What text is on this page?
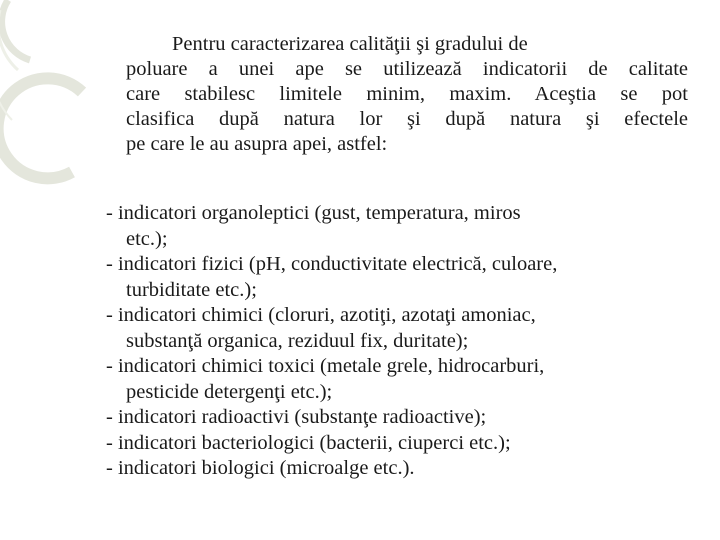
Pentru caracterizarea calităţii şi gradului de
poluare a unei ape se utilizează indicatorii de calitate
care stabilesc limitele minim, maxim. Aceştia se pot
clasifica după natura lor şi după natura şi efectele
pe care le au asupra apei, astfel:
- indicatori organoleptici (gust, temperatura, miros
etc.);
- indicatori fizici (pH, conductivitate electrică, culoare,
turbiditate etc.);
- indicatori chimici (cloruri, azotiţi, azotaţi amoniac,
substanţă organica, reziduul fix, duritate);
- indicatori chimici toxici (metale grele, hidrocarburi,
pesticide detergenţi etc.);
- indicatori radioactivi (substanţe radioactive);
- indicatori bacteriologici (bacterii, ciuperci etc.);
- indicatori biologici (microalge etc.).
